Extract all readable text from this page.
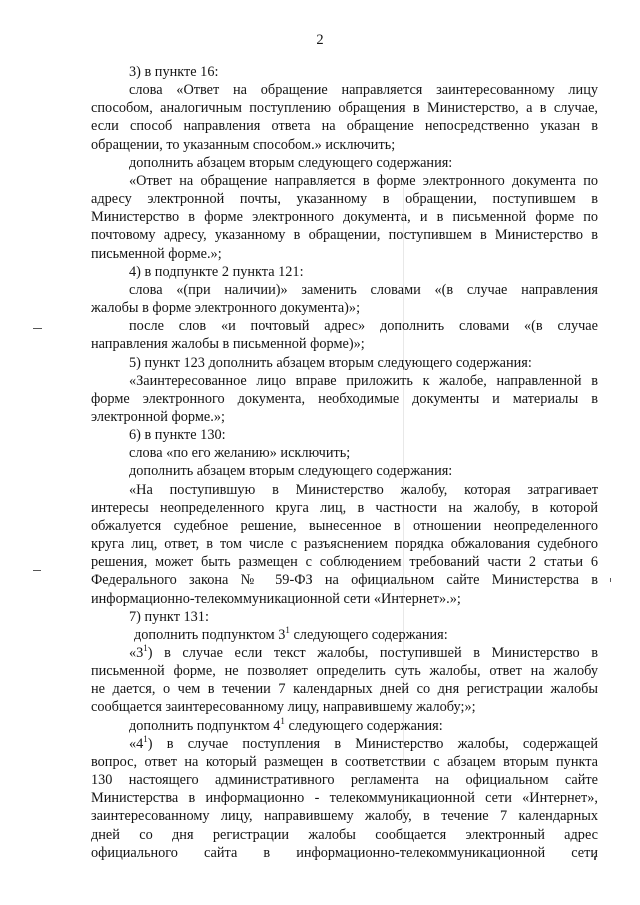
2
3) в пункте 16:
слова «Ответ на обращение направляется заинтересованному лицу
способом, аналогичным поступлению обращения в Министерство, а в случае,
если способ направления ответа на обращение непосредственно указан в
обращении, то указанным способом.» исключить;
дополнить абзацем вторым следующего содержания:
«Ответ на обращение направляется в форме электронного документа по
адресу электронной почты, указанному в обращении, поступившем в
Министерство в форме электронного документа, и в письменной форме по
почтовому адресу, указанному в обращении, поступившем в Министерство в
письменной форме.»;
4) в подпункте 2 пункта 121:
слова «(при наличии)» заменить словами «(в случае направления
жалобы в форме электронного документа)»;
после слов «и почтовый адрес» дополнить словами «(в случае
направления жалобы в письменной форме)»;
5) пункт 123 дополнить абзацем вторым следующего содержания:
«Заинтересованное лицо вправе приложить к жалобе, направленной в
форме электронного документа, необходимые документы и материалы в
электронной форме.»;
6) в пункте 130:
слова «по его желанию» исключить;
дополнить абзацем вторым следующего содержания:
«На поступившую в Министерство жалобу, которая затрагивает
интересы неопределенного круга лиц, в частности на жалобу, в которой
обжалуется судебное решение, вынесенное в отношении неопределенного
круга лиц, ответ, в том числе с разъяснением порядка обжалования судебного
решения, может быть размещен с соблюдением требований части 2 статьи 6
Федерального закона № 59-ФЗ на официальном сайте Министерства в
информационно-телекоммуникационной сети «Интернет».»;
7) пункт 131:
дополнить подпунктом $3^1$ следующего содержания:
«$3^1$) в случае если текст жалобы, поступившей в Министерство в
письменной форме, не позволяет определить суть жалобы, ответ на жалобу
не дается, о чем в течении 7 календарных дней со дня регистрации жалобы
сообщается заинтересованному лицу, направившему жалобу;»;
дополнить подпунктом $4^1$ следующего содержания:
«$4^1$) в случае поступления в Министерство жалобы, содержащей
вопрос, ответ на который размещен в соответствии с абзацем вторым пункта
130 настоящего административного регламента на официальном сайте
Министерства в информационно - телекоммуникационной сети «Интернет»,
заинтересованному лицу, направившему жалобу, в течение 7 календарных
дней со дня регистрации жалобы сообщается электронный адрес
официального сайта в информационно-телекоммуникационной сети
